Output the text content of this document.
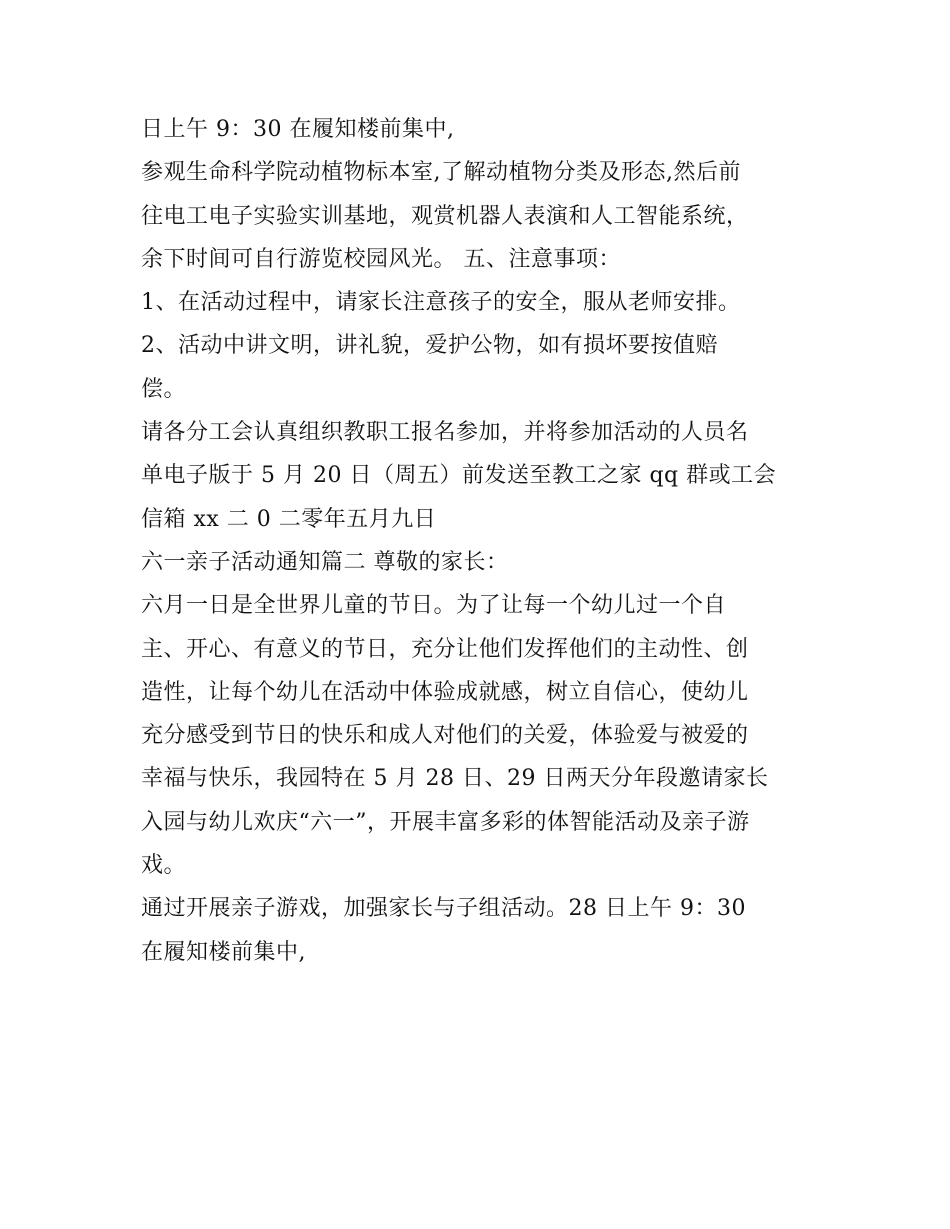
日上午 9：30 在履知楼前集中,
参观生命科学院动植物标本室,了解动植物分类及形态,然后前
往电工电子实验实训基地，观赏机器人表演和人工智能系统，
余下时间可自行游览校园风光。 五、注意事项：
1、在活动过程中，请家长注意孩子的安全，服从老师安排。
2、活动中讲文明，讲礼貌，爱护公物，如有损坏要按值赔
偿。
请各分工会认真组织教职工报名参加，并将参加活动的人员名
单电子版于 5 月 20 日（周五）前发送至教工之家 qq 群或工会
信箱 xx 二 0 二零年五月九日
六一亲子活动通知篇二 尊敬的家长：
六月一日是全世界儿童的节日。为了让每一个幼儿过一个自
主、开心、有意义的节日，充分让他们发挥他们的主动性、创
造性，让每个幼儿在活动中体验成就感，树立自信心，使幼儿
充分感受到节日的快乐和成人对他们的关爱，体验爱与被爱的
幸福与快乐，我园特在 5 月 28 日、29 日两天分年段邀请家长
入园与幼儿欢庆“六一”，开展丰富多彩的体智能活动及亲子游
戏。
通过开展亲子游戏，加强家长与子组活动。28 日上午 9：30
在履知楼前集中,
